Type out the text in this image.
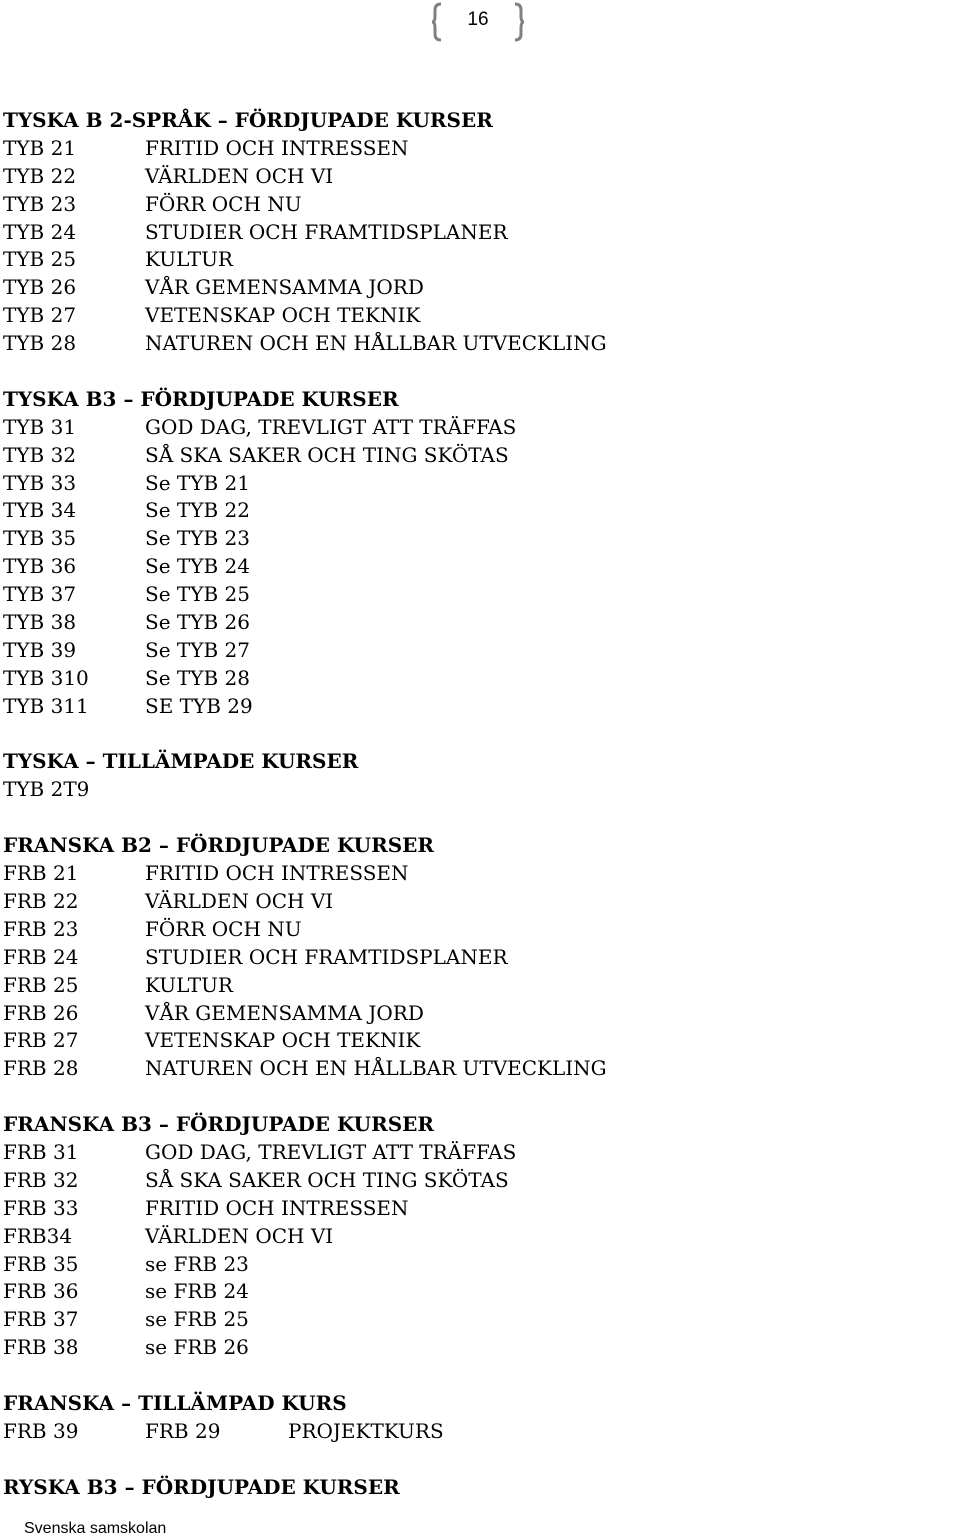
16
TYSKA B 2-SPRÅK – FÖRDJUPADE KURSER
TYB 21	FRITID OCH INTRESSEN
TYB 22	VÄRLDEN OCH VI
TYB 23	FÖRR OCH NU
TYB 24	STUDIER OCH FRAMTIDSPLANER
TYB 25	KULTUR
TYB 26	VÅR GEMENSAMMA JORD
TYB 27	VETENSKAP OCH TEKNIK
TYB 28	NATUREN OCH EN HÅLLBAR UTVECKLING
TYSKA B3 – FÖRDJUPADE KURSER
TYB 31	GOD DAG, TREVLIGT ATT TRÄFFAS
TYB 32	SÅ SKA SAKER OCH TING SKÖTAS
TYB 33	Se TYB 21
TYB 34	Se TYB 22
TYB 35	Se TYB 23
TYB 36	Se TYB 24
TYB 37	Se TYB 25
TYB 38	Se TYB 26
TYB 39	Se TYB 27
TYB 310	Se TYB 28
TYB 311	SE TYB 29
TYSKA – TILLÄMPADE KURSER
TYB 2T9
FRANSKA B2 – FÖRDJUPADE KURSER
FRB 21	FRITID OCH INTRESSEN
FRB 22	VÄRLDEN OCH VI
FRB 23	FÖRR OCH NU
FRB 24	STUDIER OCH FRAMTIDSPLANER
FRB 25	KULTUR
FRB 26	VÅR GEMENSAMMA JORD
FRB 27	VETENSKAP OCH TEKNIK
FRB 28	NATUREN OCH EN HÅLLBAR UTVECKLING
FRANSKA B3 – FÖRDJUPADE KURSER
FRB 31	GOD DAG, TREVLIGT ATT TRÄFFAS
FRB 32	SÅ SKA SAKER OCH TING SKÖTAS
FRB 33	FRITID OCH INTRESSEN
FRB34	VÄRLDEN OCH VI
FRB 35	se FRB 23
FRB 36	se FRB 24
FRB 37	se FRB 25
FRB 38	se FRB 26
FRANSKA – TILLÄMPAD KURS
FRB 39	FRB 29	PROJEKTKURS
RYSKA B3 – FÖRDJUPADE KURSER
Svenska samskolan
